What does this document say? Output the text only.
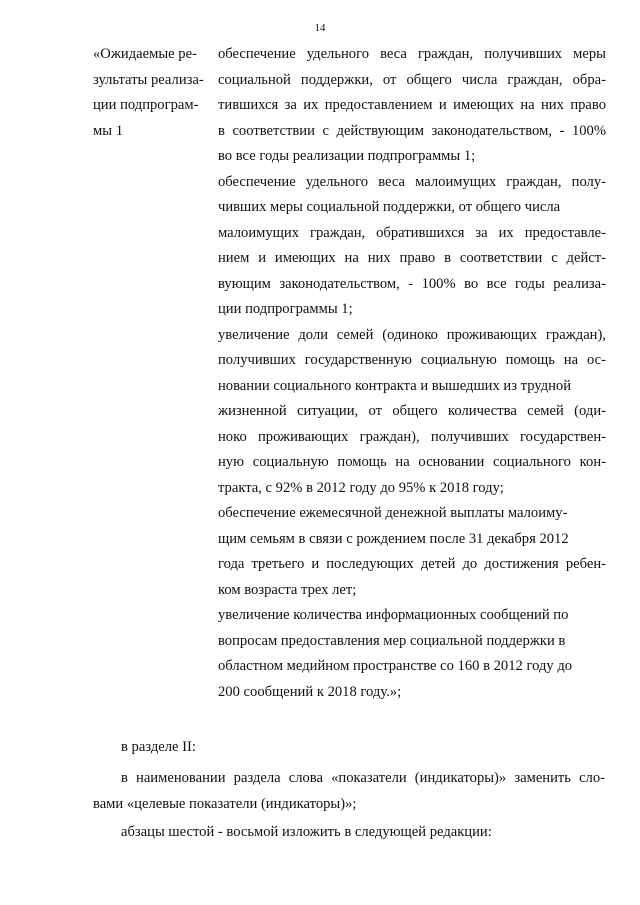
14
«Ожидаемые ре-
зультаты реализа-
ции подпрограм-
мы 1
обеспечение удельного веса граждан, получивших меры
социальной поддержки, от общего числа граждан, обра-
тившихся за их предоставлением и имеющих на них право
в соответствии с действующим законодательством, - 100%
во все годы реализации подпрограммы 1;
обеспечение удельного веса малоимущих граждан, полу-
чивших меры социальной поддержки, от общего числа
малоимущих граждан, обратившихся за их предоставле-
нием и имеющих на них право в соответствии с дейст-
вующим законодательством, - 100% во все годы реализа-
ции подпрограммы 1;
увеличение доли семей (одиноко проживающих граждан),
получивших государственную социальную помощь на ос-
новании социального контракта и вышедших из трудной
жизненной ситуации, от общего количества семей (оди-
ноко проживающих граждан), получивших государствен-
ную социальную помощь на основании социального кон-
тракта, с 92% в 2012 году до 95% к 2018 году;
обеспечение ежемесячной денежной выплаты малоиму-
щим семьям в связи с рождением после 31 декабря 2012
года третьего и последующих детей до достижения ребен-
ком возраста трех лет;
увеличение количества информационных сообщений по
вопросам предоставления мер социальной поддержки в
областном медийном пространстве со 160 в 2012 году до
200 сообщений к 2018 году.»;
в разделе II:
в наименовании раздела слова «показатели (индикаторы)» заменить сло-
вами «целевые показатели (индикаторы)»;
абзацы шестой - восьмой изложить в следующей редакции:
